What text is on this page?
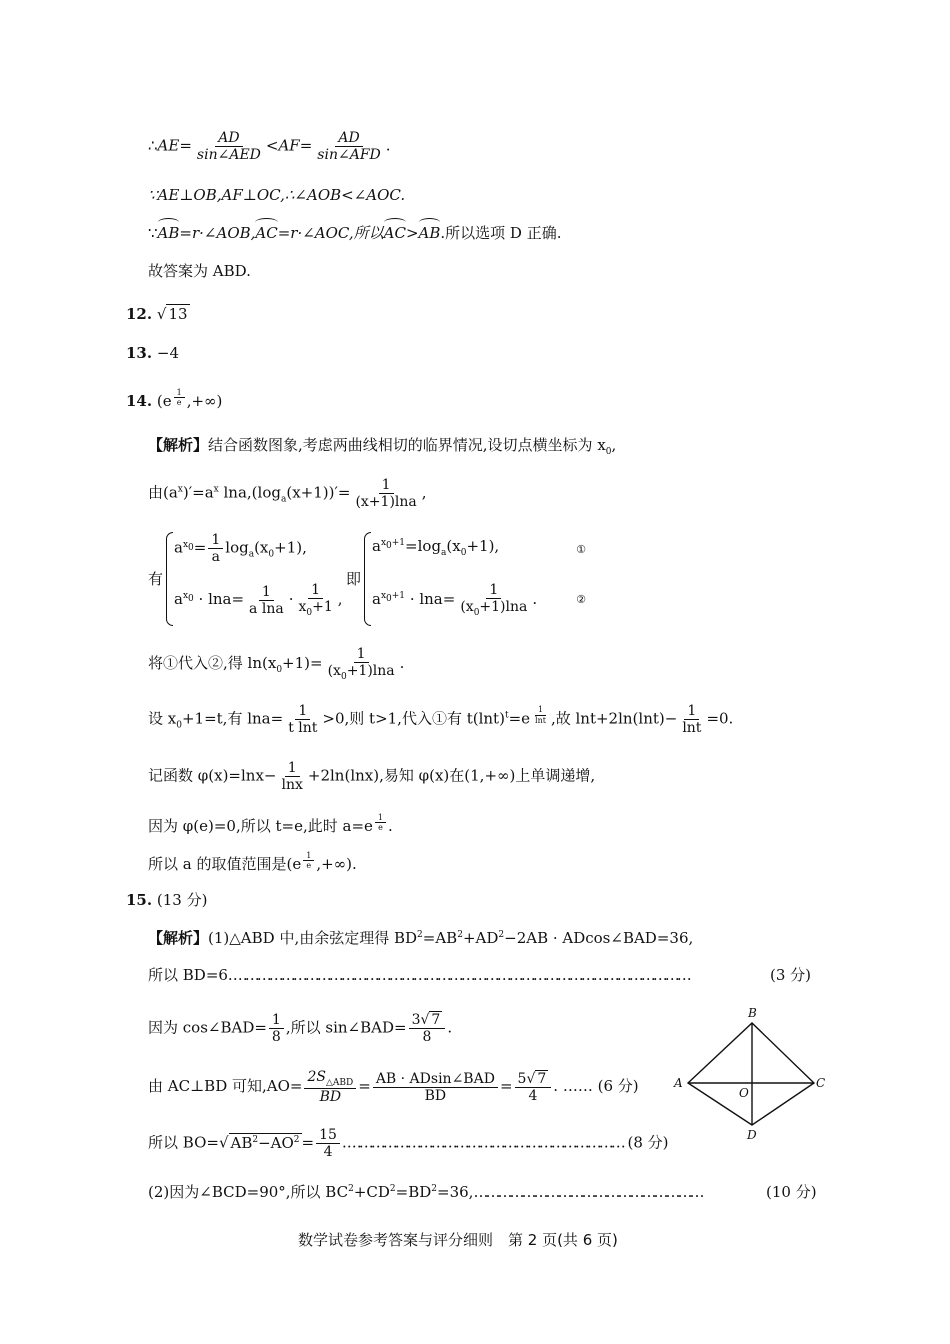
∴AE= $\frac{AD}{\text{sin∠AED}} <AF= \frac{AD}{\text{sin∠AFD}}$ .
∵AE⊥OB,AF⊥OC,∴∠AOB<∠AOC.
∵AB=r·∠AOB,AC=r·∠AOC,所以AC>AB.所以选项 D 正确.
故答案为 ABD.
12. √ 13
13. −4
14. (e $^{\frac{1}{e}}$ ,+∞)
【解析】结合函数图象,考虑两曲线相切的临界情况,设切点横坐标为 $x_0$,
由$(a^x)'=a^x$ $\ln a,(\log_a(x+1))'= \frac{1}{(x+1)\ln a}$ ,
有
$a^{x_0}= \frac{1}{a} \log_a(x_0+1)$,
$a^{x_0} \cdot \ln a= \frac{1}{\text{a lna}} \cdot \frac{1}{x_0+1}$ ,
即
$a^{x_0+1}=\log_a(x_0+1)$,	①
$a^{x_0+1} \cdot \ln a= \frac{1}{(x_0+1)\ln a}$ .	②
将①代入②,得 $\ln(x_0+1)= \frac{1}{(x_0+1)\ln a}$ .
设 $x_0+1=t$,有 $\ln a= \frac{1}{\text{t lnt}} >0$,则 t>1,代入①有 $t(\ln t)^t=e$ $^{\frac{1}{\ln t}}$ ,故 $\ln t+2\ln(\ln t)- \frac{1}{\ln t} =0$.
记函数 $\varphi(x)=\ln x- \frac{1}{\ln x} +2\ln(\ln x)$,易知 φ(x)在(1,+∞)上单调递增,
因为 φ(e)=0,所以 t=e,此时 a=e $^{\frac{1}{e}}$ .
所以 a 的取值范围是(e $^{\frac{1}{e}}$ ,+∞).
15. (13 分)
【解析】(1)△ABD 中,由余弦定理得 $BD^2=AB^2+AD^2-2AB$ · ADcos∠BAD=36,
所以 BD=6.……………………………………………………………………………………………………	(3 分)
因为 cos∠BAD= $\frac{1}{8}$ ,所以 sin∠BAD= $\frac{3√ 7}{8}$ .
由 AC⊥BD 可知$,AO= \frac{2S_{\triangle ABD}}{BD} = \frac{\text{AB · ADsin∠BAD}}{BD} = \frac{5√ 7}{4}$ . …… (6 分)
所以 BO=√ $AB^2-AO^2 = \frac{15}{4}$ .…………………………………………………………… (8 分)
(2)因为∠BCD=90°,所以 $BC^2+CD^2=BD^2=36,\dots\dots\dots\dots\dots\dots\dots\dots\dots\dots\dots\dots\dots\dots\dots\dots\dots\dots\dots$	(10 分)
B
A	C
D
O
数学试卷参考答案与评分细则　第 2 页(共 6 页)
